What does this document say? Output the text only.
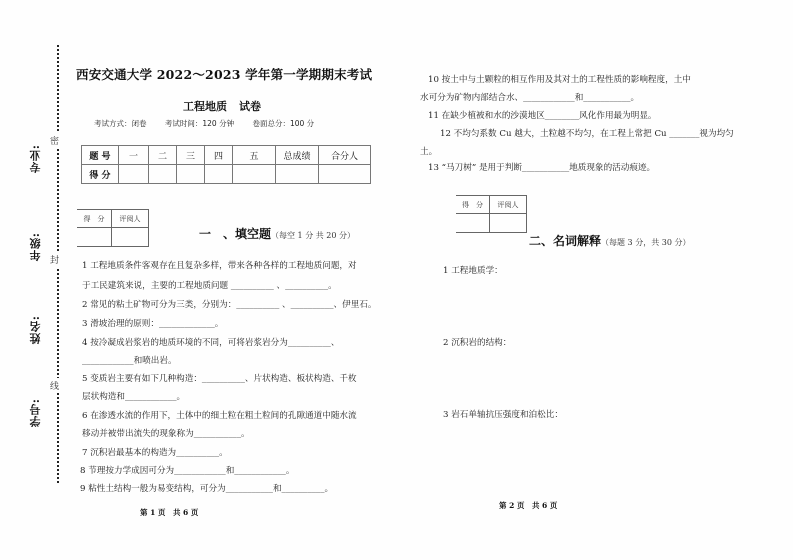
密
封
线
专业:
年级:
姓名:
学号:
西安交通大学 2022～2023 学年第一学期期末考试
工程地质 试卷
考试方式：闭卷 考试时间：120 分钟 卷面总分：100 分
题 号	一	二	三	四	五	总成绩	合分人
得 分							
得　分	评阅人

一　、填空题（每空 1 分 共 20 分）
1 工程地质条件客观存在且复杂多样，带来各种各样的工程地质问题，对
于工民建筑来说，主要的工程地质问题 __________ 、__________。
2 常见的粘土矿物可分为三类，分别为：__________ 、__________、伊里石。
3 滑坡治理的原则：_____________。
4 按冷凝成岩浆岩的地质环境的不同，可将岩浆岩分为__________、
____________和喷出岩。
5 变质岩主要有如下几种构造：__________、片状构造、板状构造、千枚
层状构造和____________。
6 在渗透水流的作用下，土体中的细土粒在粗土粒间的孔隙通道中随水流
移动并被带出流失的现象称为___________。
7 沉积岩最基本的构造为__________。
8 节理按力学成因可分为____________和____________。
9 粘性土结构一般为易变结构，可分为___________和__________。
第 1 页　共 6 页
10 按土中与土颗粒的相互作用及其对土的工程性质的影响程度，土中
水可分为矿物内部结合水、____________和___________。
11 在缺少植被和水的沙漠地区________风化作用最为明显。
12 不均匀系数 Cu 越大，土粒越不均匀，在工程上常把 Cu _______视为均匀
土。
13 “马刀树” 是用于判断___________地质现象的活动痕迹。
得　分	评阅人

二、名词解释（每题 3 分，共 30 分）
1 工程地质学：
2 沉积岩的结构：
3 岩石单轴抗压强度和泊松比：
第 2 页　共 6 页
